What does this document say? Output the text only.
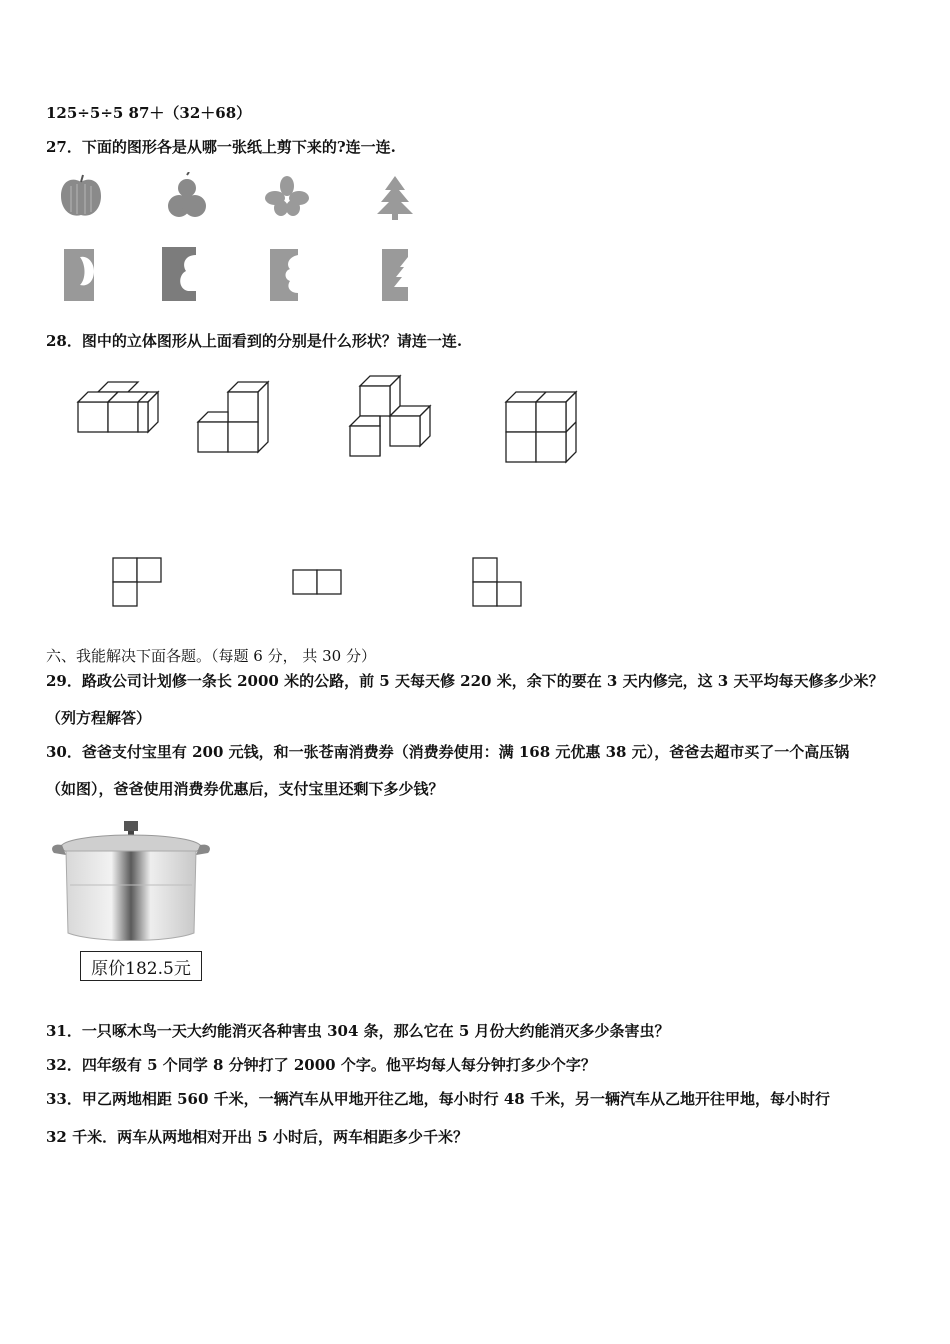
125÷5÷5 87＋（32＋68）
27．下面的图形各是从哪一张纸上剪下来的?连一连.
28．图中的立体图形从上面看到的分别是什么形状？请连一连.
六、我能解决下面各题。（每题 6 分， 共 30 分）
29．路政公司计划修一条长 2000 米的公路，前 5 天每天修 220 米，余下的要在 3 天内修完，这 3 天平均每天修多少米？
（列方程解答）
30．爸爸支付宝里有 200 元钱，和一张苍南消费券（消费券使用：满 168 元优惠 38 元），爸爸去超市买了一个高压锅
（如图），爸爸使用消费券优惠后，支付宝里还剩下多少钱？
原价182.5元
31．一只啄木鸟一天大约能消灭各种害虫 304 条，那么它在 5 月份大约能消灭多少条害虫？
32．四年级有 5 个同学 8 分钟打了 2000 个字。他平均每人每分钟打多少个字？
33．甲乙两地相距 560 千米，一辆汽车从甲地开往乙地，每小时行 48 千米，另一辆汽车从乙地开往甲地，每小时行
32 千米．两车从两地相对开出 5 小时后，两车相距多少千米？
